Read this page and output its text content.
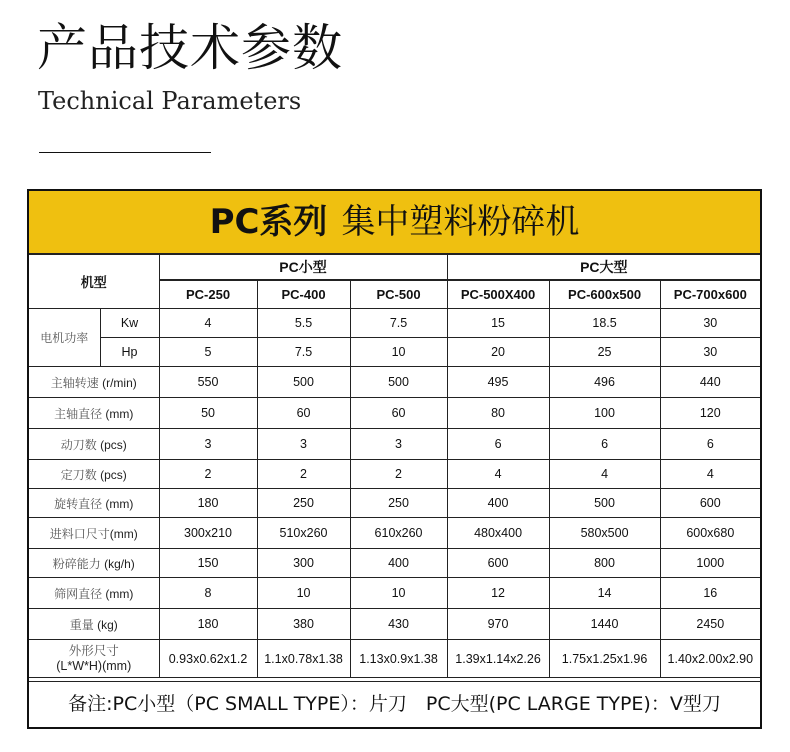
产品技术参数
Technical Parameters
PC系列 集中塑料粉碎机
机型		PC小型			PC大型		
		PC-250	PC-400	PC-500	PC-500X400	PC-600x500	PC-700x600
电机功率	Kw	4	5.5	7.5	15	18.5	30
	Hp	5	7.5	10	20	25	30
主轴转速 (r/min)		550	500	500	495	496	440
主轴直径 (mm)		50	60	60	80	100	120
动刀数 (pcs)		3	3	3	6	6	6
定刀数 (pcs)		2	2	2	4	4	4
旋转直径 (mm)		180	250	250	400	500	600
进料口尺寸(mm)		300x210	510x260	610x260	480x400	580x500	600x680
粉碎能力 (kg/h)		150	300	400	600	800	1000
筛网直径 (mm)		8	10	10	12	14	16
重量 (kg)		180	380	430	970	1440	2450
外形尺寸
(L*W*H)(mm)		0.93x0.62x1.2	1.1x0.78x1.38	1.13x0.9x1.38	1.39x1.14x2.26	1.75x1.25x1.96	1.40x2.00x2.90
备注:PC小型（PC SMALL TYPE）：片刀　PC大型(PC LARGE TYPE)：V型刀
